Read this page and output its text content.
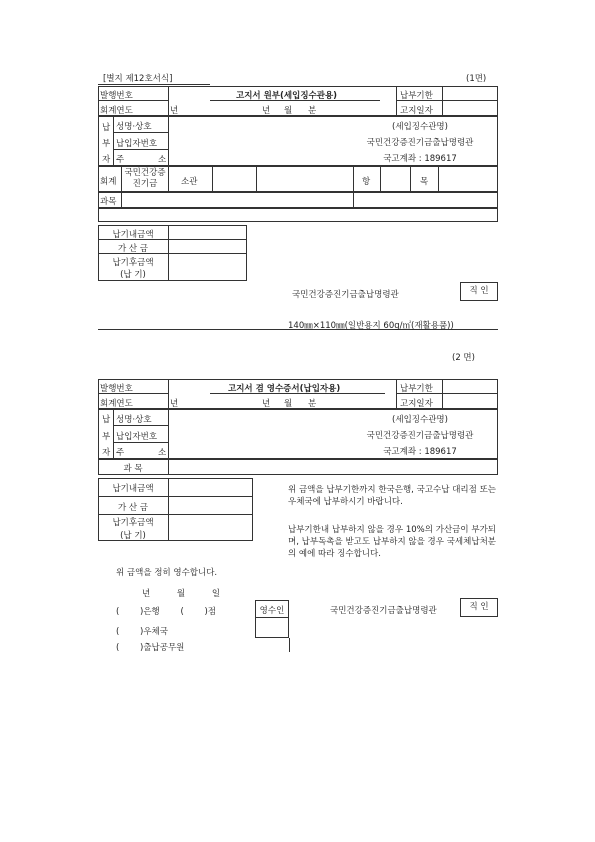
[별지 제12호서식]	(1면)
발행번호	고지서 원부(세입징수관용)	납부기한
회계연도	년	년 월 분	고지일자
납
부
자
성명·상호
납입자번호
주	소
(세입징수관명)
국민건강증진기금출납명령관
국고계좌 : 189617
회계
국민건강증진기금	소관	항	목
과목
납기내금액
가 산 금
납기후금액
(납 기)
국민건강증진기금출납명령관	직 인
140㎜×110㎜(일반용지 60g/㎡(재활용품))
(2 면)
발행번호	고지서 겸 영수증서(납입자용)	납부기한
회계연도	년	년 월 분	고지일자
납
부
자
성명·상호
납입자번호
주	소
(세입징수관명)
국민건강증진기금출납명령관
국고계좌 : 189617
과 목
납기내금액
가 산 금
납기후금액
(납 기)
위 금액을 납부기한까지 한국은행, 국고수납 대리점 또는 우체국에 납부하시기 바랍니다.
납부기한내 납부하지 않을 경우 10%의 가산금이 부가되며, 납부독촉을 받고도 납부하지 않을 경우 국세체납처분의 예에 따라 징수합니다.
위 금액을 정히 영수합니다.
년 월 일
( )은행 ( )점
( )우체국
( )출납공무원
영수인	국민건강증진기금출납명령관	직 인
